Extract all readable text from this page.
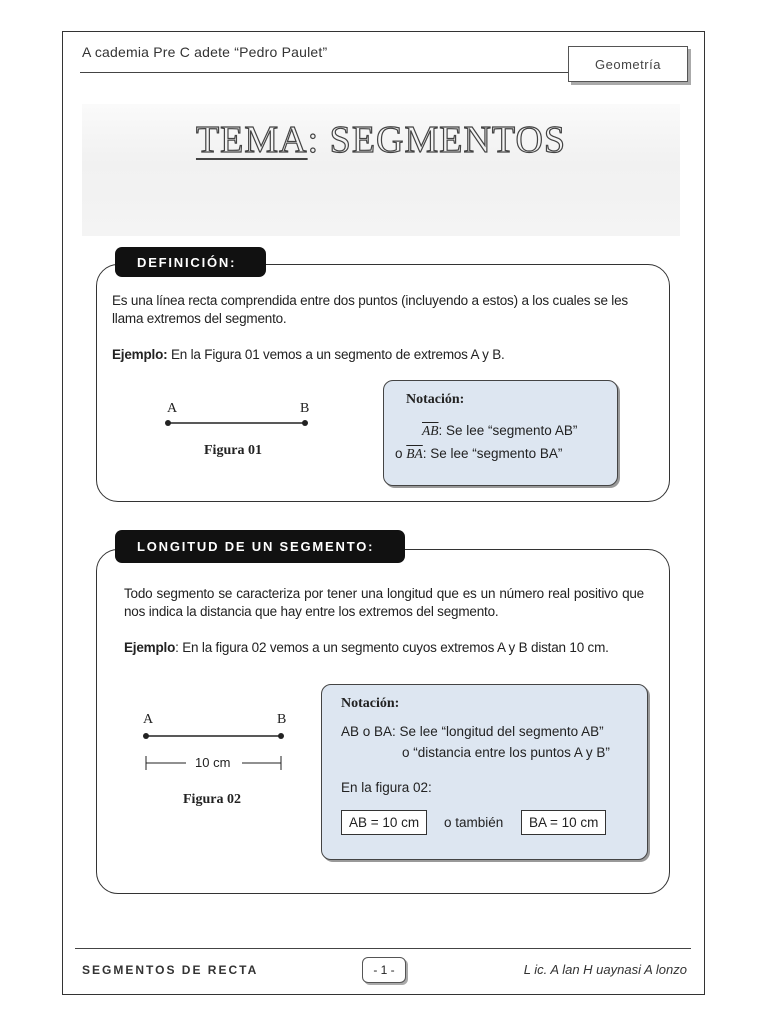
A cademia Pre C adete “Pedro Paulet”
Geometría
TEMA: SEGMENTOS
DEFINICIÓN:
Es una línea recta comprendida entre dos puntos (incluyendo a estos) a los cuales se les llama extremos del segmento.
Ejemplo: En la Figura 01 vemos a un segmento de extremos A y B.
A	B
Figura 01
Notación:
$\overline{AB}$: Se lee “segmento AB”
o $\overline{BA}$: Se lee “segmento BA”
LONGITUD DE UN SEGMENTO:
Todo segmento se caracteriza por tener una longitud que es un número real positivo que nos indica la distancia que hay entre los extremos del segmento.
Ejemplo: En la figura 02 vemos a un segmento cuyos extremos A y B distan 10 cm.
A	B
10 cm
Figura 02
Notación:
AB o BA: Se lee “longitud del segmento AB”
o “distancia entre los puntos A y B”
En la figura 02:
AB = 10 cm	o también	BA = 10 cm
SEGMENTOS DE RECTA	- 1 -	L ic. A lan H uaynasi A lonzo
